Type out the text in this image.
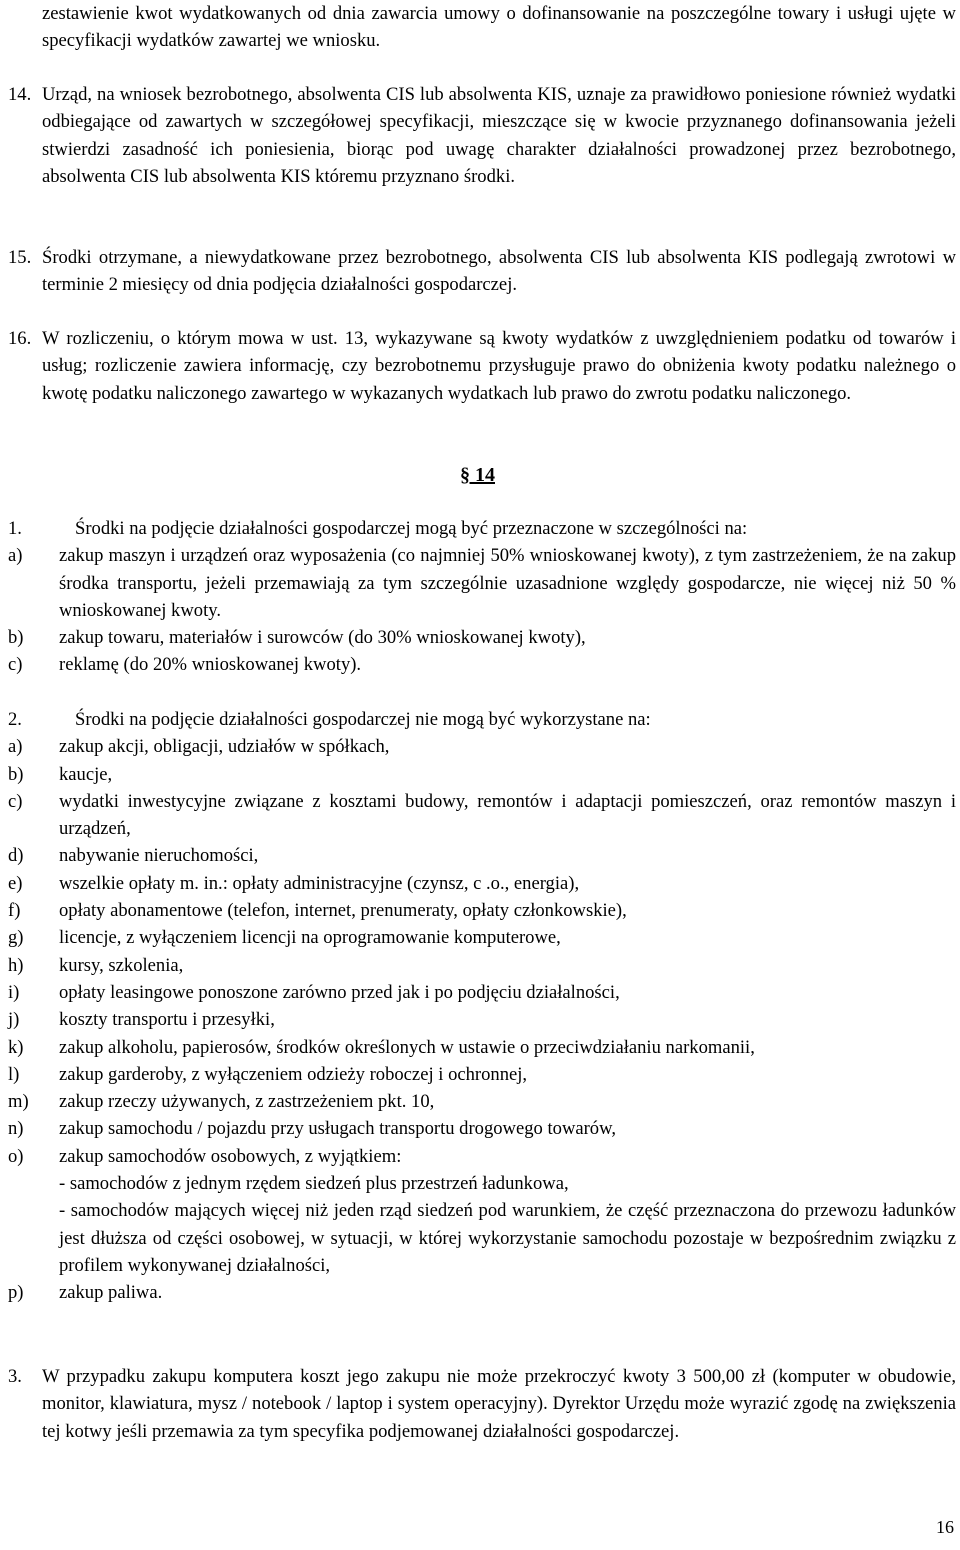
zestawienie kwot wydatkowanych od dnia zawarcia umowy o dofinansowanie na poszczególne towary i usługi ujęte w specyfikacji wydatków zawartej we wniosku.

14. Urząd, na wniosek bezrobotnego, absolwenta CIS lub absolwenta KIS, uznaje za prawidłowo poniesione również wydatki odbiegające od zawartych w szczegółowej specyfikacji, mieszczące się w kwocie przyznanego dofinansowania jeżeli stwierdzi zasadność ich poniesienia, biorąc pod uwagę charakter działalności prowadzonej przez bezrobotnego, absolwenta CIS lub absolwenta KIS któremu przyznano środki.

15. Środki otrzymane, a niewydatkowane przez bezrobotnego, absolwenta CIS lub absolwenta KIS podlegają zwrotowi w terminie 2 miesięcy od dnia podjęcia działalności gospodarczej.

16. W rozliczeniu, o którym mowa w ust. 13, wykazywane są kwoty wydatków z uwzględnieniem podatku od towarów i usług; rozliczenie zawiera informację, czy bezrobotnemu przysługuje prawo do obniżenia kwoty podatku należnego o kwotę podatku naliczonego zawartego w wykazanych wydatkach lub prawo do zwrotu podatku naliczonego.

§ 14
1.	Środki na podjęcie działalności gospodarczej mogą być przeznaczone w szczególności na:
a) zakup maszyn i urządzeń oraz wyposażenia (co najmniej 50% wnioskowanej kwoty), z tym zastrzeżeniem, że na zakup środka transportu, jeżeli przemawiają za tym szczególnie uzasadnione względy gospodarcze, nie więcej niż 50 % wnioskowanej kwoty.
b) zakup towaru, materiałów i surowców (do 30% wnioskowanej kwoty),
c) reklamę (do 20% wnioskowanej kwoty).
2.	Środki na podjęcie działalności gospodarczej nie mogą być wykorzystane na:
a) zakup akcji, obligacji, udziałów w spółkach,
b) kaucje,
c) wydatki inwestycyjne związane z kosztami budowy, remontów i adaptacji pomieszczeń, oraz remontów maszyn i urządzeń,
d) nabywanie nieruchomości,
e) wszelkie opłaty m. in.: opłaty administracyjne (czynsz, c .o., energia),
f) opłaty abonamentowe (telefon, internet, prenumeraty, opłaty członkowskie),
g) licencje, z wyłączeniem licencji na oprogramowanie komputerowe,
h) kursy, szkolenia,
i) opłaty leasingowe ponoszone zarówno przed jak i po podjęciu działalności,
j) koszty transportu i przesyłki,
k) zakup alkoholu, papierosów, środków określonych w ustawie o przeciwdziałaniu narkomanii,
l) zakup garderoby, z wyłączeniem odzieży roboczej i ochronnej,
m) zakup rzeczy używanych, z zastrzeżeniem pkt. 10,
n) zakup samochodu / pojazdu przy usługach transportu drogowego towarów,
o) zakup samochodów osobowych, z wyjątkiem:
- samochodów z jednym rzędem siedzeń plus przestrzeń ładunkowa,
- samochodów mających więcej niż jeden rząd siedzeń pod warunkiem, że część przeznaczona do przewozu ładunków jest dłuższa od części osobowej, w sytuacji, w której wykorzystanie samochodu pozostaje w bezpośrednim związku z profilem wykonywanej działalności,
p) zakup paliwa.
3.	W przypadku zakupu komputera koszt jego zakupu nie może przekroczyć kwoty 3 500,00 zł (komputer w obudowie, monitor, klawiatura, mysz / notebook / laptop i system operacyjny). Dyrektor Urzędu może wyrazić zgodę na zwiększenia tej kotwy jeśli przemawia za tym specyfika podjemowanej działalności gospodarczej.

16
